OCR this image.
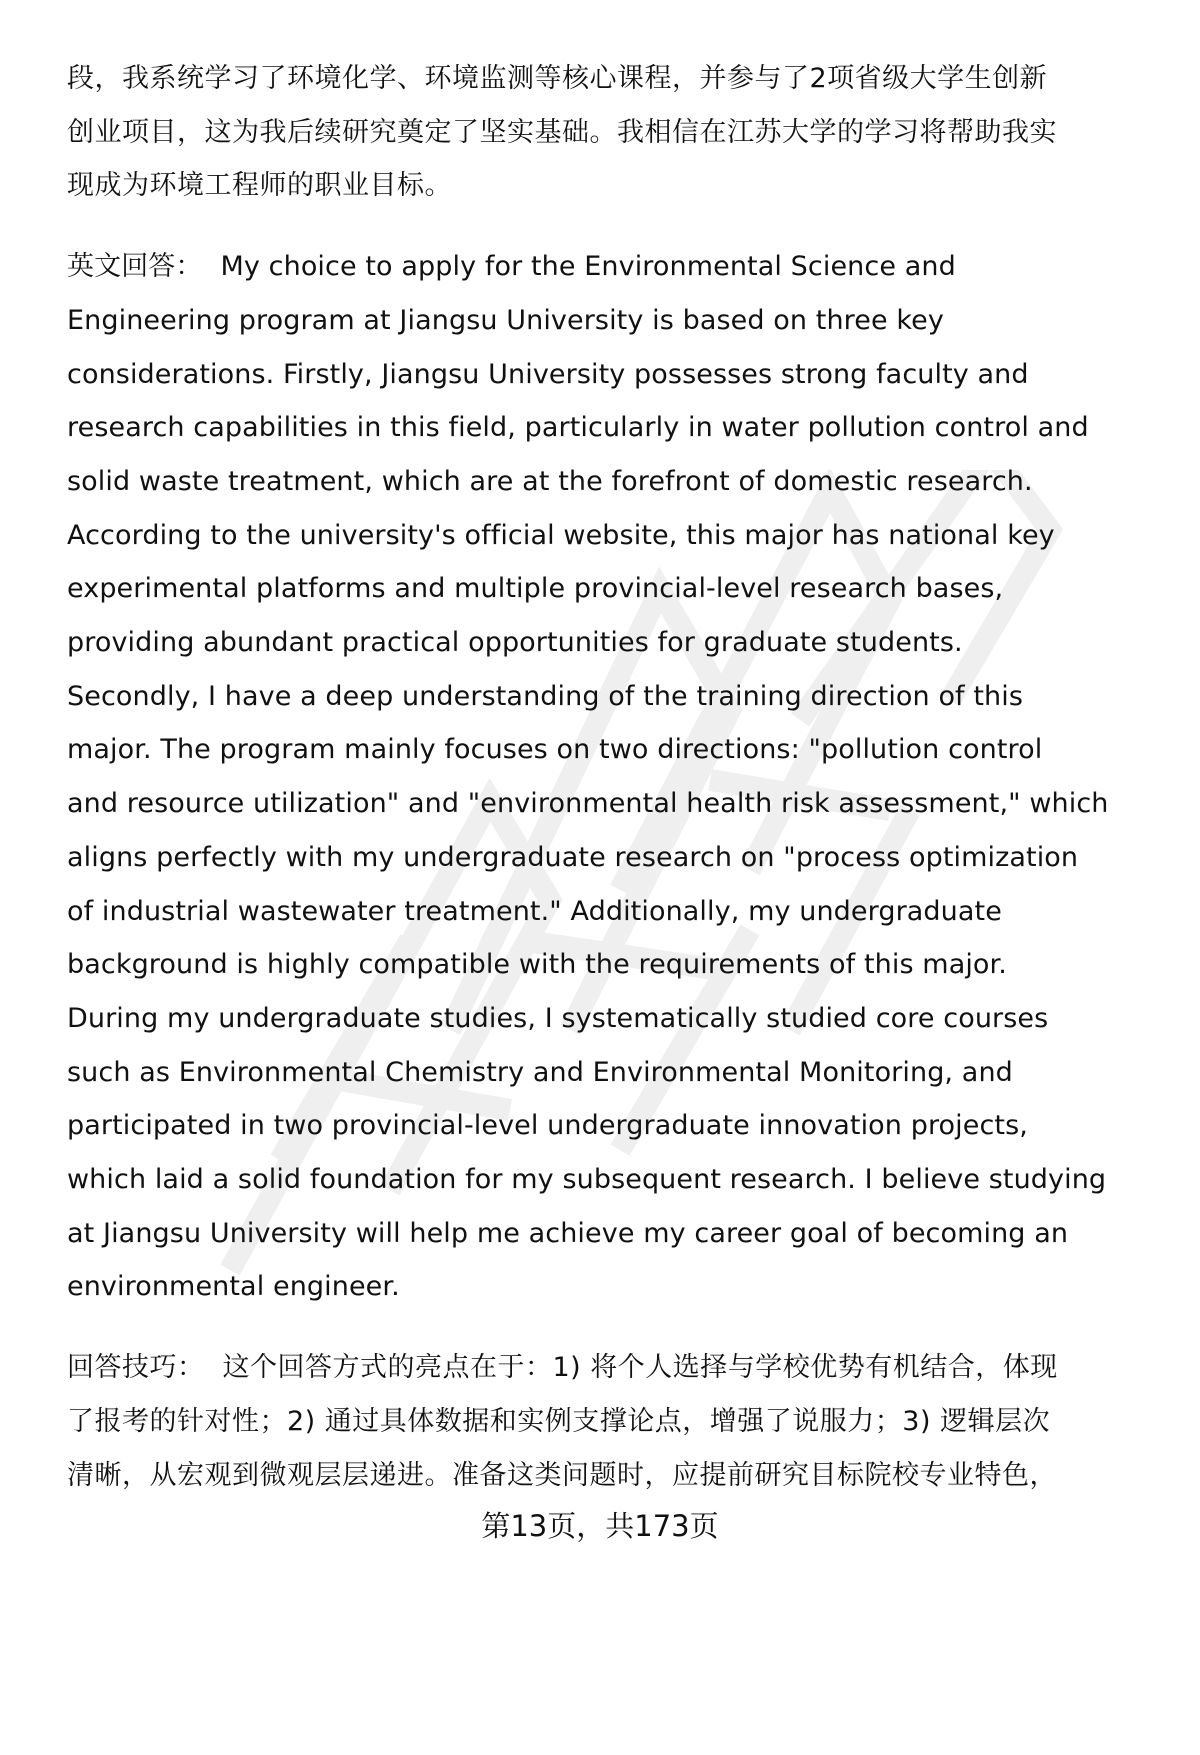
段，我系统学习了环境化学、环境监测等核心课程，并参与了2项省级大学生创新
创业项目，这为我后续研究奠定了坚实基础。我相信在江苏大学的学习将帮助我实
现成为环境工程师的职业目标。

英文回答： My choice to apply for the Environmental Science and
Engineering program at Jiangsu University is based on three key
considerations. Firstly, Jiangsu University possesses strong faculty and
research capabilities in this field, particularly in water pollution control and
solid waste treatment, which are at the forefront of domestic research.
According to the university's official website, this major has national key
experimental platforms and multiple provincial-level research bases,
providing abundant practical opportunities for graduate students.
Secondly, I have a deep understanding of the training direction of this
major. The program mainly focuses on two directions: "pollution control
and resource utilization" and "environmental health risk assessment," which
aligns perfectly with my undergraduate research on "process optimization
of industrial wastewater treatment." Additionally, my undergraduate
background is highly compatible with the requirements of this major.
During my undergraduate studies, I systematically studied core courses
such as Environmental Chemistry and Environmental Monitoring, and
participated in two provincial-level undergraduate innovation projects,
which laid a solid foundation for my subsequent research. I believe studying
at Jiangsu University will help me achieve my career goal of becoming an
environmental engineer.

回答技巧： 这个回答方式的亮点在于：1) 将个人选择与学校优势有机结合，体现
了报考的针对性；2) 通过具体数据和实例支撑论点，增强了说服力；3) 逻辑层次
清晰，从宏观到微观层层递进。准备这类问题时，应提前研究目标院校专业特色，

第13页，共173页
